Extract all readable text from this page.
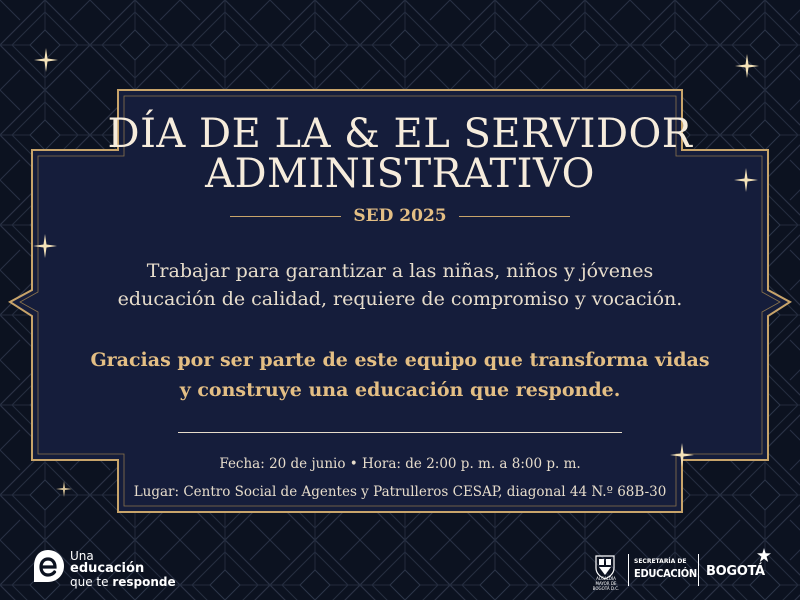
DÍA DE LA & EL SERVIDOR
ADMINISTRATIVO
SED 2025
Trabajar para garantizar a las niñas, niños y jóvenes
educación de calidad, requiere de compromiso y vocación.
Gracias por ser parte de este equipo que transforma vidas
y construye una educación que responde.
Fecha: 20 de junio • Hora: de 2:00 p. m. a 8:00 p. m.
Lugar: Centro Social de Agentes y Patrulleros CESAP, diagonal 44 N.º 68B-30
Una
educación
que te responde	ALCALDÍA MAYOR DE BOGOTÁ D.C.
SECRETARÍA DE
EDUCACIÓN BOGOTÁ
